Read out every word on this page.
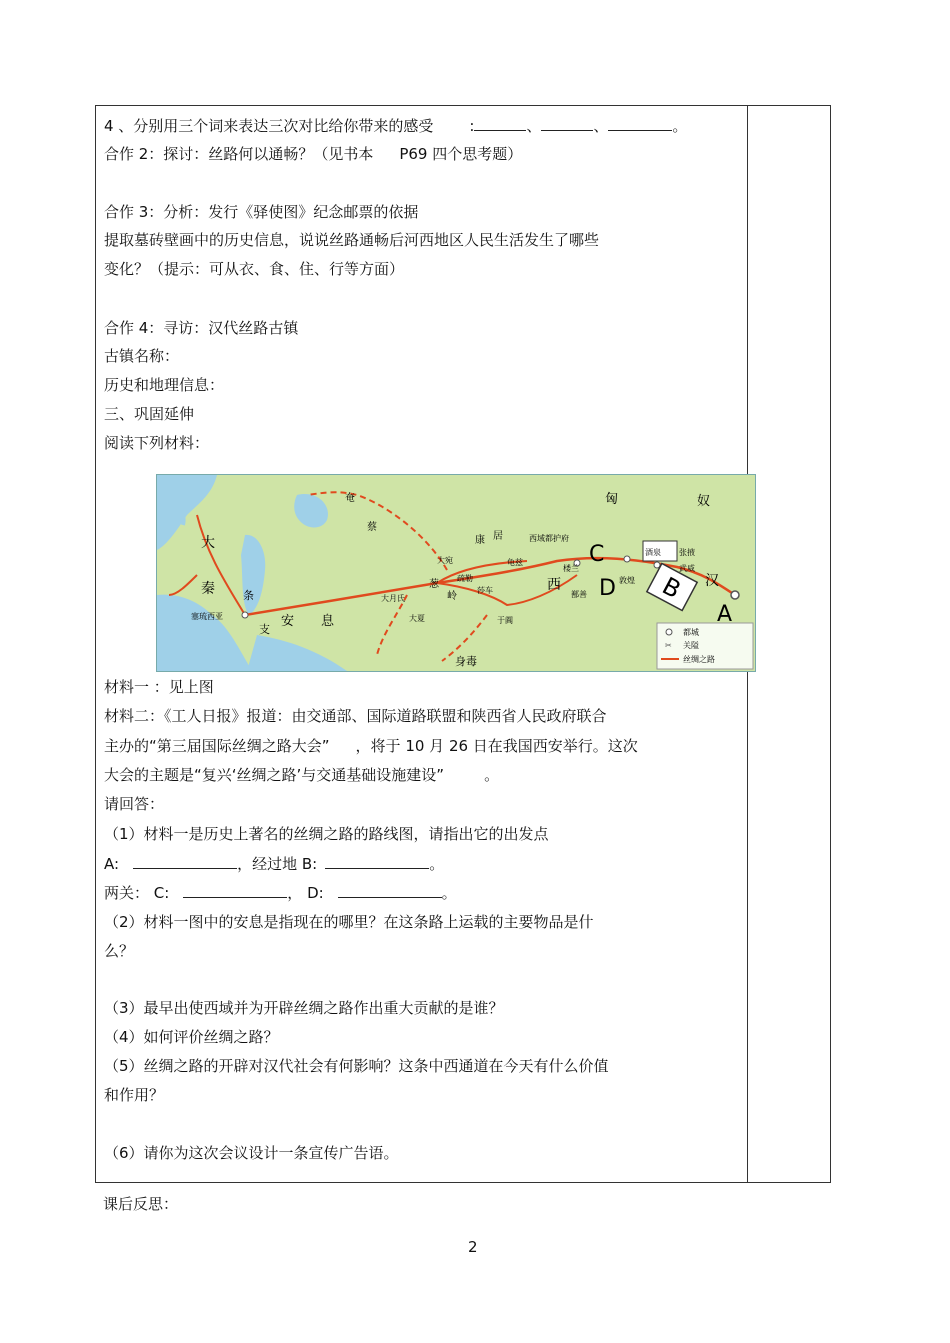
4 、分别用三个词来表达三次对比给你带来的感受 :	、	、	。
合作 2：探讨：丝路何以通畅？（见书本 P69 四个思考题）
合作 3：分析：发行《驿使图》纪念邮票的依据
提取墓砖壁画中的历史信息，说说丝路通畅后河西地区人民生活发生了哪些
变化？（提示：可从衣、食、住、行等方面）
合作 4：寻访：汉代丝路古镇
古镇名称：
历史和地理信息：
三、巩固延伸
阅读下列材料：
材料一 ：见上图
材料二：《工人日报》报道：由交通部、国际道路联盟和陕西省人民政府联合
主办的“第三届国际丝绸之路大会” ，将于 10 月 26 日在我国西安举行。这次
大会的主题是“复兴‘丝绸之路’与交通基础设施建设”	。
请回答：
（1）材料一是历史上著名的丝绸之路的路线图，请指出它的出发点
A:	，经过地 B:	。
两关： C:	， D:	。
（2）材料一图中的安息是指现在的哪里？在这条路上运载的主要物品是什
么？
（3）最早出使西域并为开辟丝绸之路作出重大贡献的是谁？
（4）如何评价丝绸之路？
（5）丝绸之路的开辟对汉代社会有何影响？这条中西通道在今天有什么价值
和作用？
（6）请你为这次会议设计一条宣传广告语。
B
都城
✂ 关隘
丝绸之路
匈	奴
大
秦	条
支
安 息
奄
蔡
康 居
大宛
西域都护府
龟兹
楼兰
酒泉 张掖
武威
汉
西	敦煌
鄯善
疏勒
葱
岭
莎车
于阗
大月氏
大夏
身毒
塞琉西亚	A
C
D
课后反思：
2
